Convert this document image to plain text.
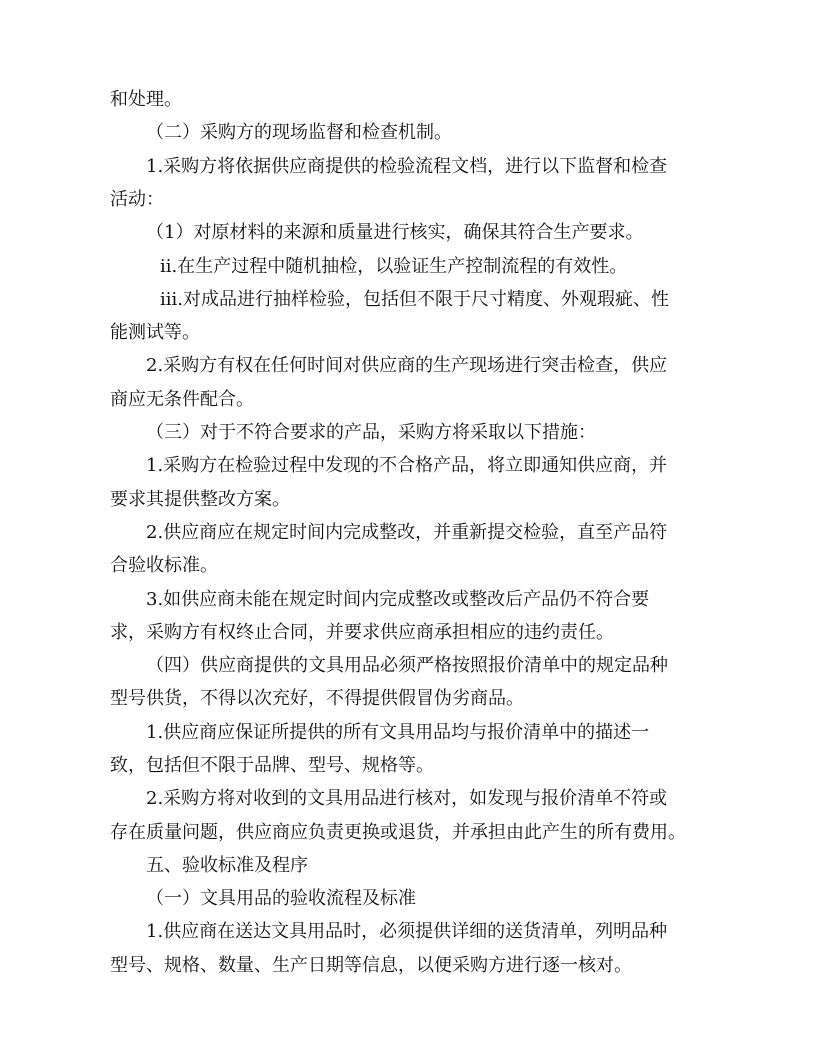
和处理。
（二）采购方的现场监督和检查机制。
1.采购方将依据供应商提供的检验流程文档，进行以下监督和检查
活动：
（1）对原材料的来源和质量进行核实，确保其符合生产要求。
ii.在生产过程中随机抽检，以验证生产控制流程的有效性。
iii.对成品进行抽样检验，包括但不限于尺寸精度、外观瑕疵、性
能测试等。
2.采购方有权在任何时间对供应商的生产现场进行突击检查，供应
商应无条件配合。
（三）对于不符合要求的产品，采购方将采取以下措施：
1.采购方在检验过程中发现的不合格产品，将立即通知供应商，并
要求其提供整改方案。
2.供应商应在规定时间内完成整改，并重新提交检验，直至产品符
合验收标准。
3.如供应商未能在规定时间内完成整改或整改后产品仍不符合要
求，采购方有权终止合同，并要求供应商承担相应的违约责任。
（四）供应商提供的文具用品必须严格按照报价清单中的规定品种
型号供货，不得以次充好，不得提供假冒伪劣商品。
1.供应商应保证所提供的所有文具用品均与报价清单中的描述一
致，包括但不限于品牌、型号、规格等。
2.采购方将对收到的文具用品进行核对，如发现与报价清单不符或
存在质量问题，供应商应负责更换或退货，并承担由此产生的所有费用。
五、验收标准及程序
（一）文具用品的验收流程及标准
1.供应商在送达文具用品时，必须提供详细的送货清单，列明品种
型号、规格、数量、生产日期等信息，以便采购方进行逐一核对。
